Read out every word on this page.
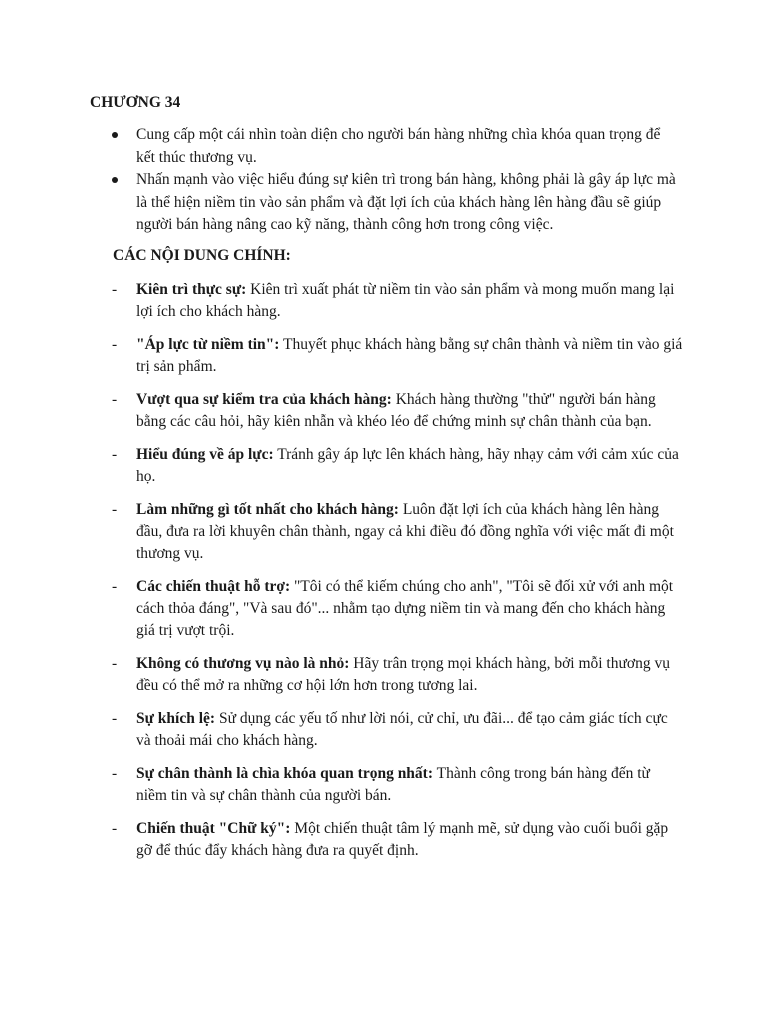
CHƯƠNG 34
Cung cấp một cái nhìn toàn diện cho người bán hàng những chìa khóa quan trọng để kết thúc thương vụ.
Nhấn mạnh vào việc hiểu đúng sự kiên trì trong bán hàng, không phải là gây áp lực mà là thể hiện niềm tin vào sản phẩm và đặt lợi ích của khách hàng lên hàng đầu sẽ giúp người bán hàng nâng cao kỹ năng, thành công hơn trong công việc.
CÁC NỘI DUNG CHÍNH:
- Kiên trì thực sự: Kiên trì xuất phát từ niềm tin vào sản phẩm và mong muốn mang lại lợi ích cho khách hàng.
- "Áp lực từ niềm tin": Thuyết phục khách hàng bằng sự chân thành và niềm tin vào giá trị sản phẩm.
- Vượt qua sự kiểm tra của khách hàng: Khách hàng thường "thử" người bán hàng bằng các câu hỏi, hãy kiên nhẫn và khéo léo để chứng minh sự chân thành của bạn.
- Hiểu đúng về áp lực: Tránh gây áp lực lên khách hàng, hãy nhạy cảm với cảm xúc của họ.
- Làm những gì tốt nhất cho khách hàng: Luôn đặt lợi ích của khách hàng lên hàng đầu, đưa ra lời khuyên chân thành, ngay cả khi điều đó đồng nghĩa với việc mất đi một thương vụ.
- Các chiến thuật hỗ trợ: "Tôi có thể kiếm chúng cho anh", "Tôi sẽ đối xử với anh một cách thỏa đáng", "Và sau đó"... nhằm tạo dựng niềm tin và mang đến cho khách hàng giá trị vượt trội.
- Không có thương vụ nào là nhỏ: Hãy trân trọng mọi khách hàng, bởi mỗi thương vụ đều có thể mở ra những cơ hội lớn hơn trong tương lai.
- Sự khích lệ: Sử dụng các yếu tố như lời nói, cử chỉ, ưu đãi... để tạo cảm giác tích cực và thoải mái cho khách hàng.
- Sự chân thành là chìa khóa quan trọng nhất: Thành công trong bán hàng đến từ niềm tin và sự chân thành của người bán.
- Chiến thuật "Chữ ký": Một chiến thuật tâm lý mạnh mẽ, sử dụng vào cuối buổi gặp gỡ để thúc đẩy khách hàng đưa ra quyết định.
